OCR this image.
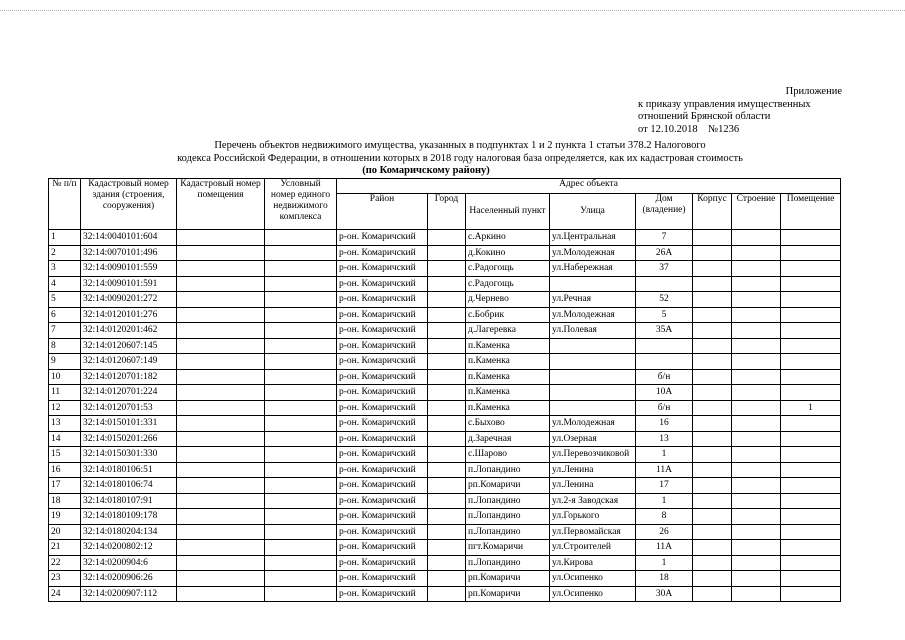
Приложение
к приказу управления имущественных
отношений Брянской области
от 12.10.2018    №1236
Перечень объектов недвижимого имущества, указанных в подпунктах 1 и 2 пункта 1 статьи 378.2 Налогового
кодекса Российской Федерации, в отношении которых в 2018 году налоговая база определяется, как их кадастровая стоимость
(по Комаричскому району)
№ п/п	Кадастровый номер здания (строения, сооружения)	Кадастровый номер помещения	Условный номер единого недвижимого комплекса	Адрес объекта							
				Район	Город	Населенный пункт	Улица	Дом (владение)	Корпус	Строение	Помещение
1	32:14:0040101:604			р-он. Комаричский		с.Аркино	ул.Центральная	7			
2	32:14:0070101:496			р-он. Комаричский		д.Кокино	ул.Молодежная	26А			
3	32:14:0090101:559			р-он. Комаричский		с.Радогощь	ул.Набережная	37			
4	32:14:0090101:591			р-он. Комаричский		с.Радогощь					
5	32:14:0090201:272			р-он. Комаричский		д.Чернево	ул.Речная	52			
6	32:14:0120101:276			р-он. Комаричский		с.Бобрик	ул.Молодежная	5			
7	32:14:0120201:462			р-он. Комаричский		д.Лагеревка	ул.Полевая	35А			
8	32:14:0120607:145			р-он. Комаричский		п.Каменка					
9	32:14:0120607:149			р-он. Комаричский		п.Каменка					
10	32:14:0120701:182			р-он. Комаричский		п.Каменка		б/н			
11	32:14:0120701:224			р-он. Комаричский		п.Каменка		10А			
12	32:14:0120701:53			р-он. Комаричский		п.Каменка		б/н			1
13	32:14:0150101:331			р-он. Комаричский		с.Быхово	ул.Молодежная	16			
14	32:14:0150201:266			р-он. Комаричский		д.Заречная	ул.Озерная	13			
15	32:14:0150301:330			р-он. Комаричский		с.Шарово	ул.Перевозчиковой	1			
16	32:14:0180106:51			р-он. Комаричский		п.Лопандино	ул.Ленина	11А			
17	32:14:0180106:74			р-он. Комаричский		рп.Комаричи	ул.Ленина	17			
18	32:14:0180107:91			р-он. Комаричский		п.Лопандино	ул.2-я Заводская	1			
19	32:14:0180109:178			р-он. Комаричский		п.Лопандино	ул.Горького	8			
20	32:14:0180204:134			р-он. Комаричский		п.Лопандино	ул.Первомайская	26			
21	32:14:0200802:12			р-он. Комаричский		пгт.Комаричи	ул.Строителей	11А			
22	32:14:0200904:6			р-он. Комаричский		п.Лопандино	ул.Кирова	1			
23	32:14:0200906:26			р-он. Комаричский		рп.Комаричи	ул.Осипенко	18			
24	32:14:0200907:112			р-он. Комаричский		рп.Комаричи	ул.Осипенко	30А			
